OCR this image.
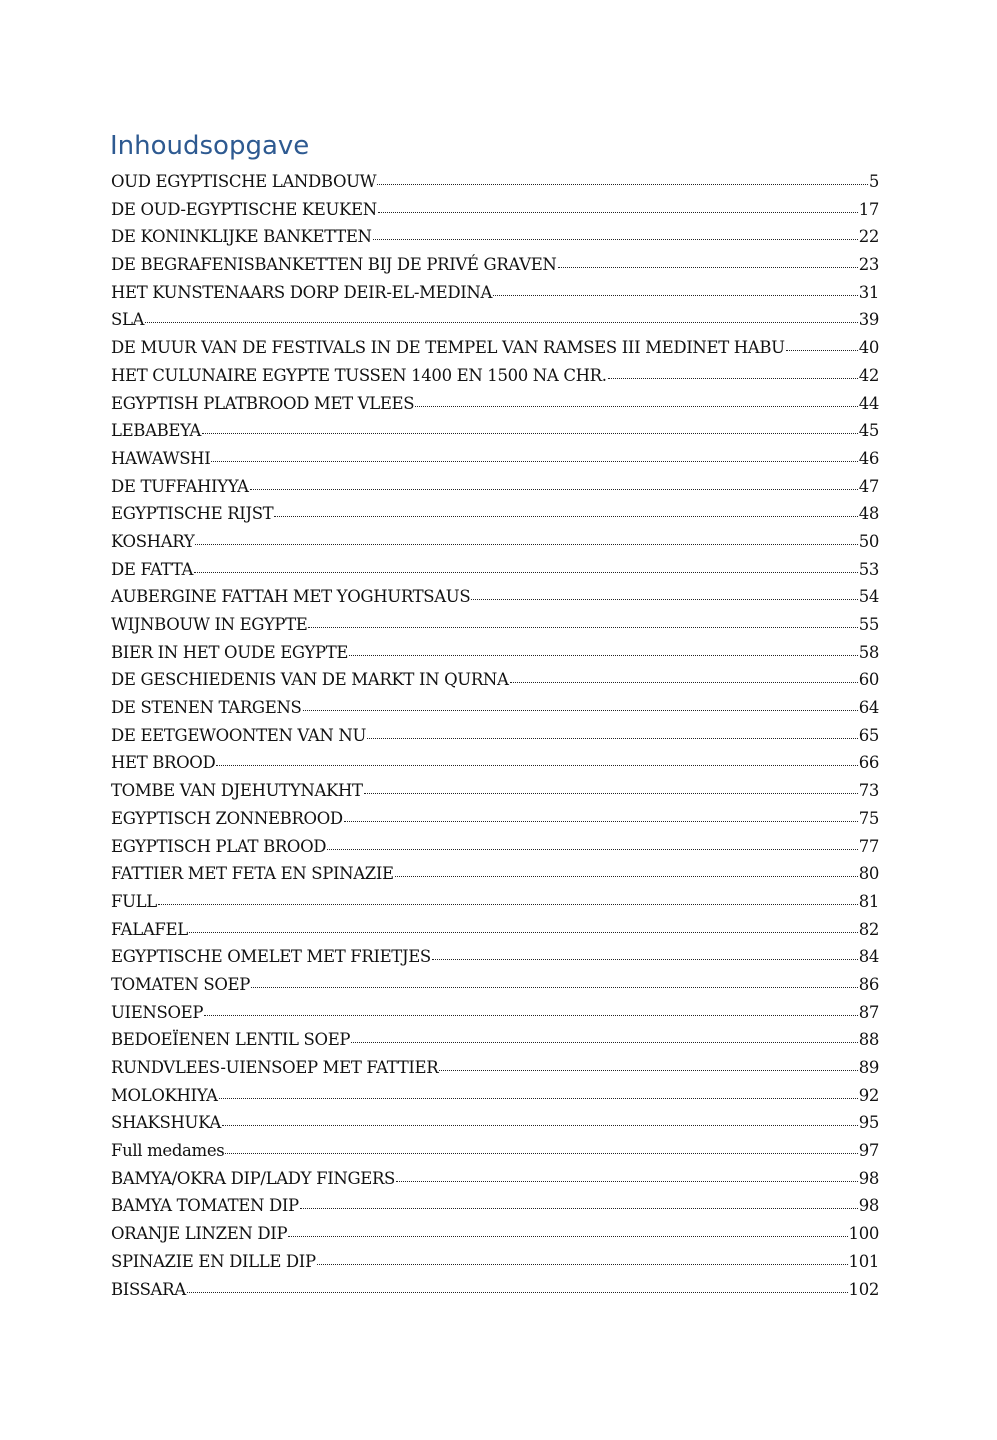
Inhoudsopgave
OUD EGYPTISCHE LANDBOUW	5
DE OUD-EGYPTISCHE KEUKEN	17
DE KONINKLIJKE BANKETTEN	22
DE BEGRAFENISBANKETTEN BIJ DE PRIVÉ GRAVEN	23
HET KUNSTENAARS DORP DEIR-EL-MEDINA	31
SLA	39
DE MUUR VAN DE FESTIVALS IN DE TEMPEL VAN RAMSES III MEDINET HABU	40
HET CULUNAIRE EGYPTE TUSSEN 1400 EN 1500 NA CHR.	42
EGYPTISH PLATBROOD MET VLEES	44
LEBABEYA	45
HAWAWSHI	46
DE TUFFAHIYYA	47
EGYPTISCHE RIJST	48
KOSHARY	50
DE FATTA	53
AUBERGINE FATTAH MET YOGHURTSAUS	54
WIJNBOUW IN EGYPTE	55
BIER IN HET OUDE EGYPTE	58
DE GESCHIEDENIS VAN DE MARKT IN QURNA	60
DE STENEN TARGENS	64
DE EETGEWOONTEN VAN NU	65
HET BROOD	66
TOMBE VAN DJEHUTYNAKHT	73
EGYPTISCH ZONNEBROOD	75
EGYPTISCH PLAT BROOD	77
FATTIER MET FETA EN SPINAZIE	80
FULL	81
FALAFEL	82
EGYPTISCHE OMELET MET FRIETJES	84
TOMATEN SOEP	86
UIENSOEP	87
BEDOEÏENEN LENTIL SOEP	88
RUNDVLEES-UIENSOEP MET FATTIER	89
MOLOKHIYA	92
SHAKSHUKA	95
Full medames	97
BAMYA/OKRA DIP/LADY FINGERS	98
BAMYA TOMATEN DIP	98
ORANJE LINZEN DIP	100
SPINAZIE EN DILLE DIP	101
BISSARA	102
